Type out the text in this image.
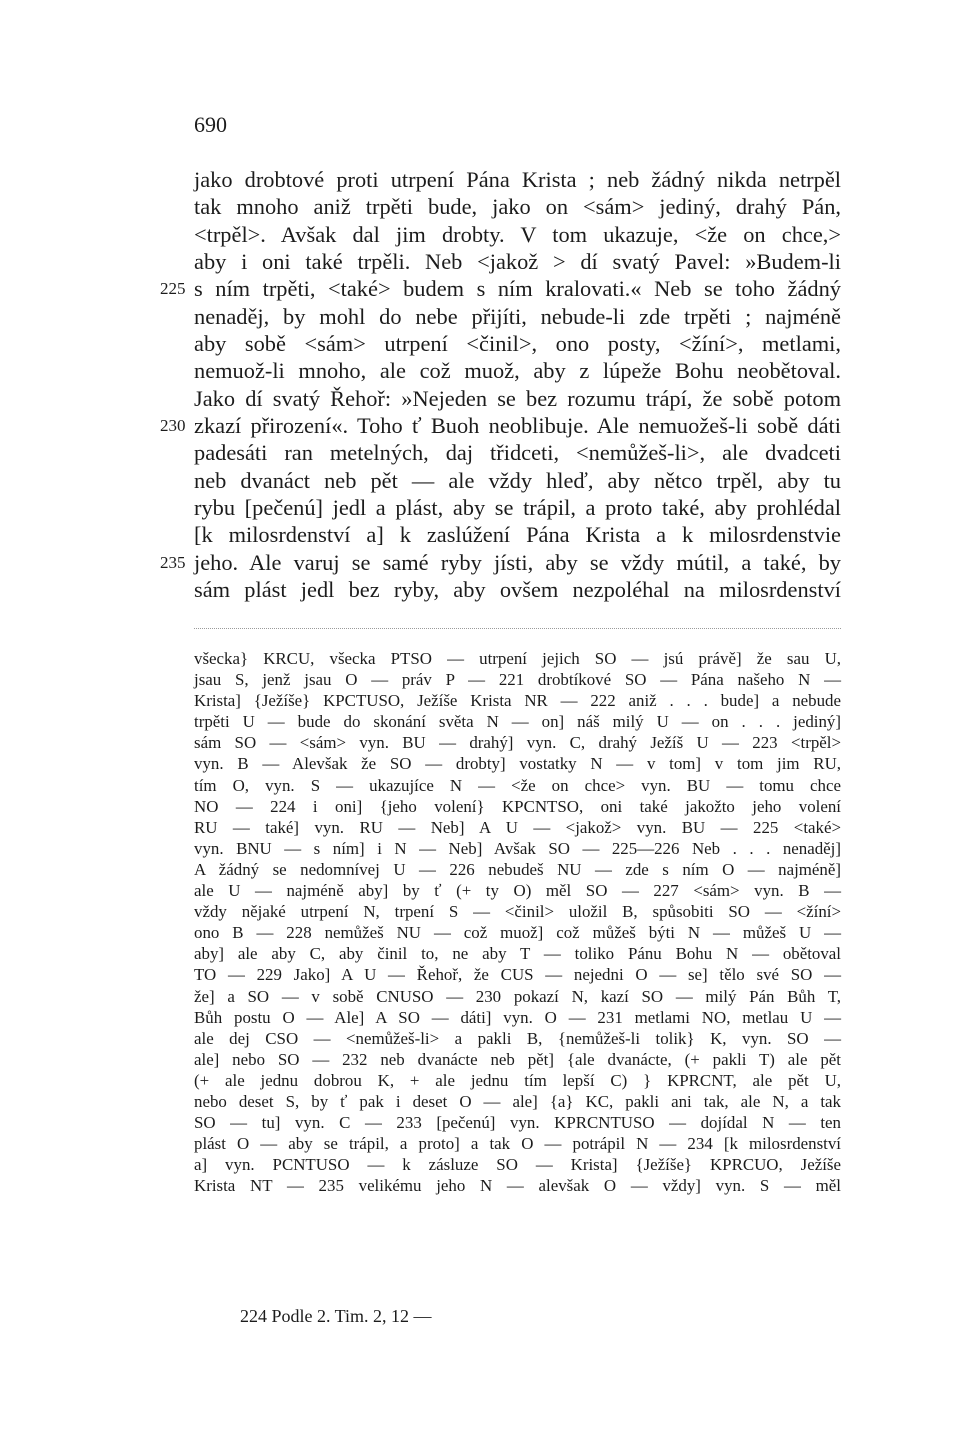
690
jako drobtové proti utrpení Pána Krista ; neb žádný nikda netrpěl
tak mnoho aniž trpěti bude, jako on <sám> jediný, drahý Pán,
<trpěl>. Avšak dal jim drobty. V tom ukazuje, <že on chce,>
aby i oni také trpěli. Neb <jakož > dí svatý Pavel: »Budem-li
225 s ním trpěti, <také> budem s ním kralovati.« Neb se toho žádný
nenaděj, by mohl do nebe přijíti, nebude-li zde trpěti ; najméně
aby sobě <sám> utrpení <činil>, ono posty, <žíní>, metlami,
nemuož-li mnoho, ale což muož, aby z lúpeže Bohu neobětoval.
Jako dí svatý Řehoř: »Nejeden se bez rozumu trápí, že sobě potom
230 zkazí přirození«. Toho ť Buoh neoblibuje. Ale nemuožeš-li sobě dáti
padesáti ran metelných, daj třidceti, <nemůžeš-li>, ale dvadceti
neb dvanáct neb pět — ale vždy hleď, aby nětco trpěl, aby tu
rybu [pečenú] jedl a plást, aby se trápil, a proto také, aby prohlédal
[k milosrdenství a] k zaslúžení Pána Krista a k milosrdenstvie
235 jeho. Ale varuj se samé ryby jísti, aby se vždy mútil, a také, by
sám plást jedl bez ryby, aby ovšem nezpoléhal na milosrdenství
všecka} KRCU, všecka PTSO — utrpení jejich SO — jsú právě] že sau U,
jsau S, jenž jsau O — práv P — 221 drobtíkové SO — Pána našeho N —
Krista] {Ježíše} KPCTUSO, Ježíše Krista NR — 222 aniž . . . bude] a nebude
trpěti U — bude do skonání světa N — on] náš milý U — on . . . jediný]
sám SO — <sám> vyn. BU — drahý] vyn. C, drahý Ježíš U — 223 <trpěl>
vyn. B — Alevšak že SO — drobty] vostatky N — v tom] v tom jim RU,
tím O, vyn. S — ukazujíce N — <že on chce> vyn. BU — tomu chce
NO — 224 i oni] {jeho volení} KPCNTSO, oni také jakožto jeho volení
RU — také] vyn. RU — Neb] A U — <jakož> vyn. BU — 225 <také>
vyn. BNU — s ním] i N — Neb] Avšak SO — 225—226 Neb . . . nenaděj]
A žádný se nedomnívej U — 226 nebudeš NU — zde s ním O — najméně]
ale U — najméně aby] by ť (+ ty O) měl SO — 227 <sám> vyn. B —
vždy nějaké utrpení N, trpení S — <činil> uložil B, spůsobiti SO — <žíní>
ono B — 228 nemůžeš NU — což muož] což můžeš býti N — můžeš U —
aby] ale aby C, aby činil to, ne aby T — toliko Pánu Bohu N — obětoval
TO — 229 Jako] A U — Řehoř, že CUS — nejedni O — se] tělo své SO —
že] a SO — v sobě CNUSO — 230 pokazí N, kazí SO — milý Pán Bůh T,
Bůh postu O — Ale] A SO — dáti] vyn. O — 231 metlami NO, metlau U —
ale dej CSO — <nemůžeš-li> a pakli B, {nemůžeš-li tolik} K, vyn. SO —
ale] nebo SO — 232 neb dvanácte neb pět] {ale dvanácte, (+ pakli T) ale pět
(+ ale jednu dobrou K, + ale jednu tím lepší C) } KPRCNT, ale pět U,
nebo deset S, by ť pak i deset O — ale] {a} KC, pakli ani tak, ale N, a tak
SO — tu] vyn. C — 233 [pečenú] vyn. KPRCNTUSO — dojídal N — ten
plást O — aby se trápil, a proto] a tak O — potrápil N — 234 [k milosrdenství
a] vyn. PCNTUSO — k zásluze SO — Krista] {Ježíše} KPRCUO, Ježíše
Krista NT — 235 velikému jeho N — alevšak O — vždy] vyn. S — měl
224 Podle 2. Tim. 2, 12 —
